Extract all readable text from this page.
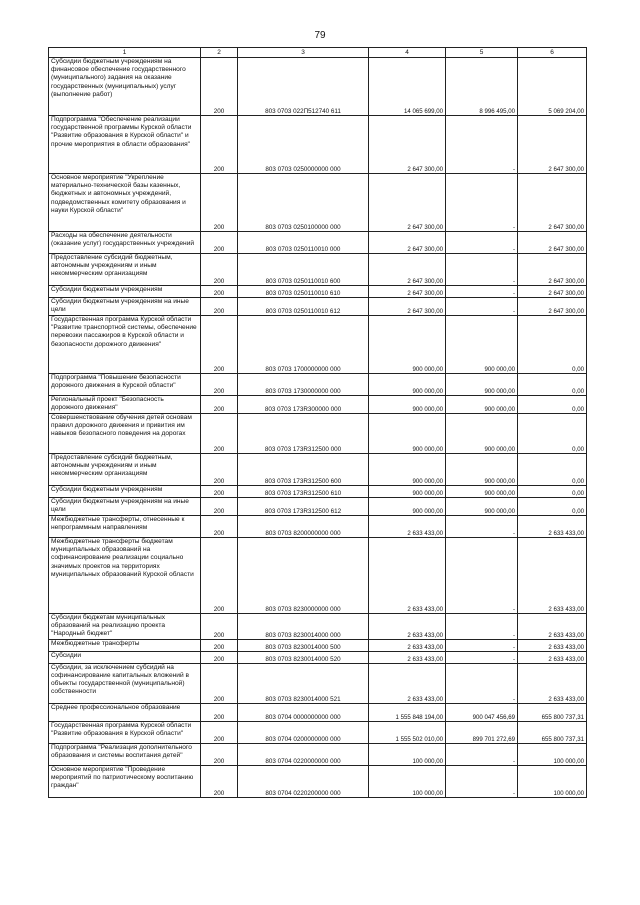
79
1	2	3	4	5	6
Субсидии бюджетным учреждениям на финансовое обеспечение государственного (муниципального) задания на оказание государственных (муниципальных) услуг (выполнение работ)	200	803 0703 022П512740 611	14 065 699,00	8 996 495,00	5 069 204,00
Подпрограмма "Обеспечение реализации государственной программы Курской области "Развитие образования в Курской области" и прочие мероприятия в области образования"	200	803 0703 0250000000 000	2 647 300,00	-	2 647 300,00
Основное мероприятие "Укрепление материально-технической базы казенных, бюджетных и автономных учреждений, подведомственных комитету образования и науки Курской области"	200	803 0703 0250100000 000	2 647 300,00	-	2 647 300,00
Расходы на обеспечение деятельности (оказание услуг) государственных учреждений	200	803 0703 0250110010 000	2 647 300,00	-	2 647 300,00
Предоставление субсидий бюджетным, автономным учреждениям и иным некоммерческим организациям	200	803 0703 0250110010 600	2 647 300,00	-	2 647 300,00
Субсидии бюджетным учреждениям	200	803 0703 0250110010 610	2 647 300,00	-	2 647 300,00
Субсидии бюджетным учреждениям на иные цели	200	803 0703 0250110010 612	2 647 300,00	-	2 647 300,00
Государственная программа Курской области "Развитие транспортной системы, обеспечение перевозки пассажиров в Курской области и безопасности дорожного движения"	200	803 0703 1700000000 000	900 000,00	900 000,00	0,00
Подпрограмма "Повышение безопасности дорожного движения в Курской области"	200	803 0703 1730000000 000	900 000,00	900 000,00	0,00
Региональный проект "Безопасность дорожного движения"	200	803 0703 173R300000 000	900 000,00	900 000,00	0,00
Совершенствование обучения детей основам правил дорожного движения и привития им навыков безопасного поведения на дорогах	200	803 0703 173R312500 000	900 000,00	900 000,00	0,00
Предоставление субсидий бюджетным, автономным учреждениям и иным некоммерческим организациям	200	803 0703 173R312500 600	900 000,00	900 000,00	0,00
Субсидии бюджетным учреждениям	200	803 0703 173R312500 610	900 000,00	900 000,00	0,00
Субсидии бюджетным учреждениям на иные цели	200	803 0703 173R312500 612	900 000,00	900 000,00	0,00
Межбюджетные трансферты, отнесенные к непрограммным направлениям	200	803 0703 8200000000 000	2 633 433,00	-	2 633 433,00
Межбюджетные трансферты бюджетам муниципальных образований на софинансирование реализации социально значимых проектов на территориях муниципальных образований Курской области	200	803 0703 8230000000 000	2 633 433,00	-	2 633 433,00
Субсидии бюджетам муниципальных образований на реализацию проекта "Народный бюджет"	200	803 0703 8230014000 000	2 633 433,00	-	2 633 433,00
Межбюджетные трансферты	200	803 0703 8230014000 500	2 633 433,00	-	2 633 433,00
Субсидии	200	803 0703 8230014000 520	2 633 433,00	-	2 633 433,00
Субсидии, за исключением субсидий на софинансирование капитальных вложений в объекты государственной (муниципальной) собственности	200	803 0703 8230014000 521	2 633 433,00	-	2 633 433,00
Среднее профессиональное образование	200	803 0704 0000000000 000	1 555 848 194,00	900 047 456,69	655 800 737,31
Государственная программа Курской области "Развитие образования в Курской области"	200	803 0704 0200000000 000	1 555 502 010,00	899 701 272,69	655 800 737,31
Подпрограмма "Реализация дополнительного образования и системы воспитания детей"	200	803 0704 0220000000 000	100 000,00	-	100 000,00
Основное мероприятие "Проведение мероприятий по патриотическому воспитанию граждан"	200	803 0704 0220200000 000	100 000,00	-	100 000,00
